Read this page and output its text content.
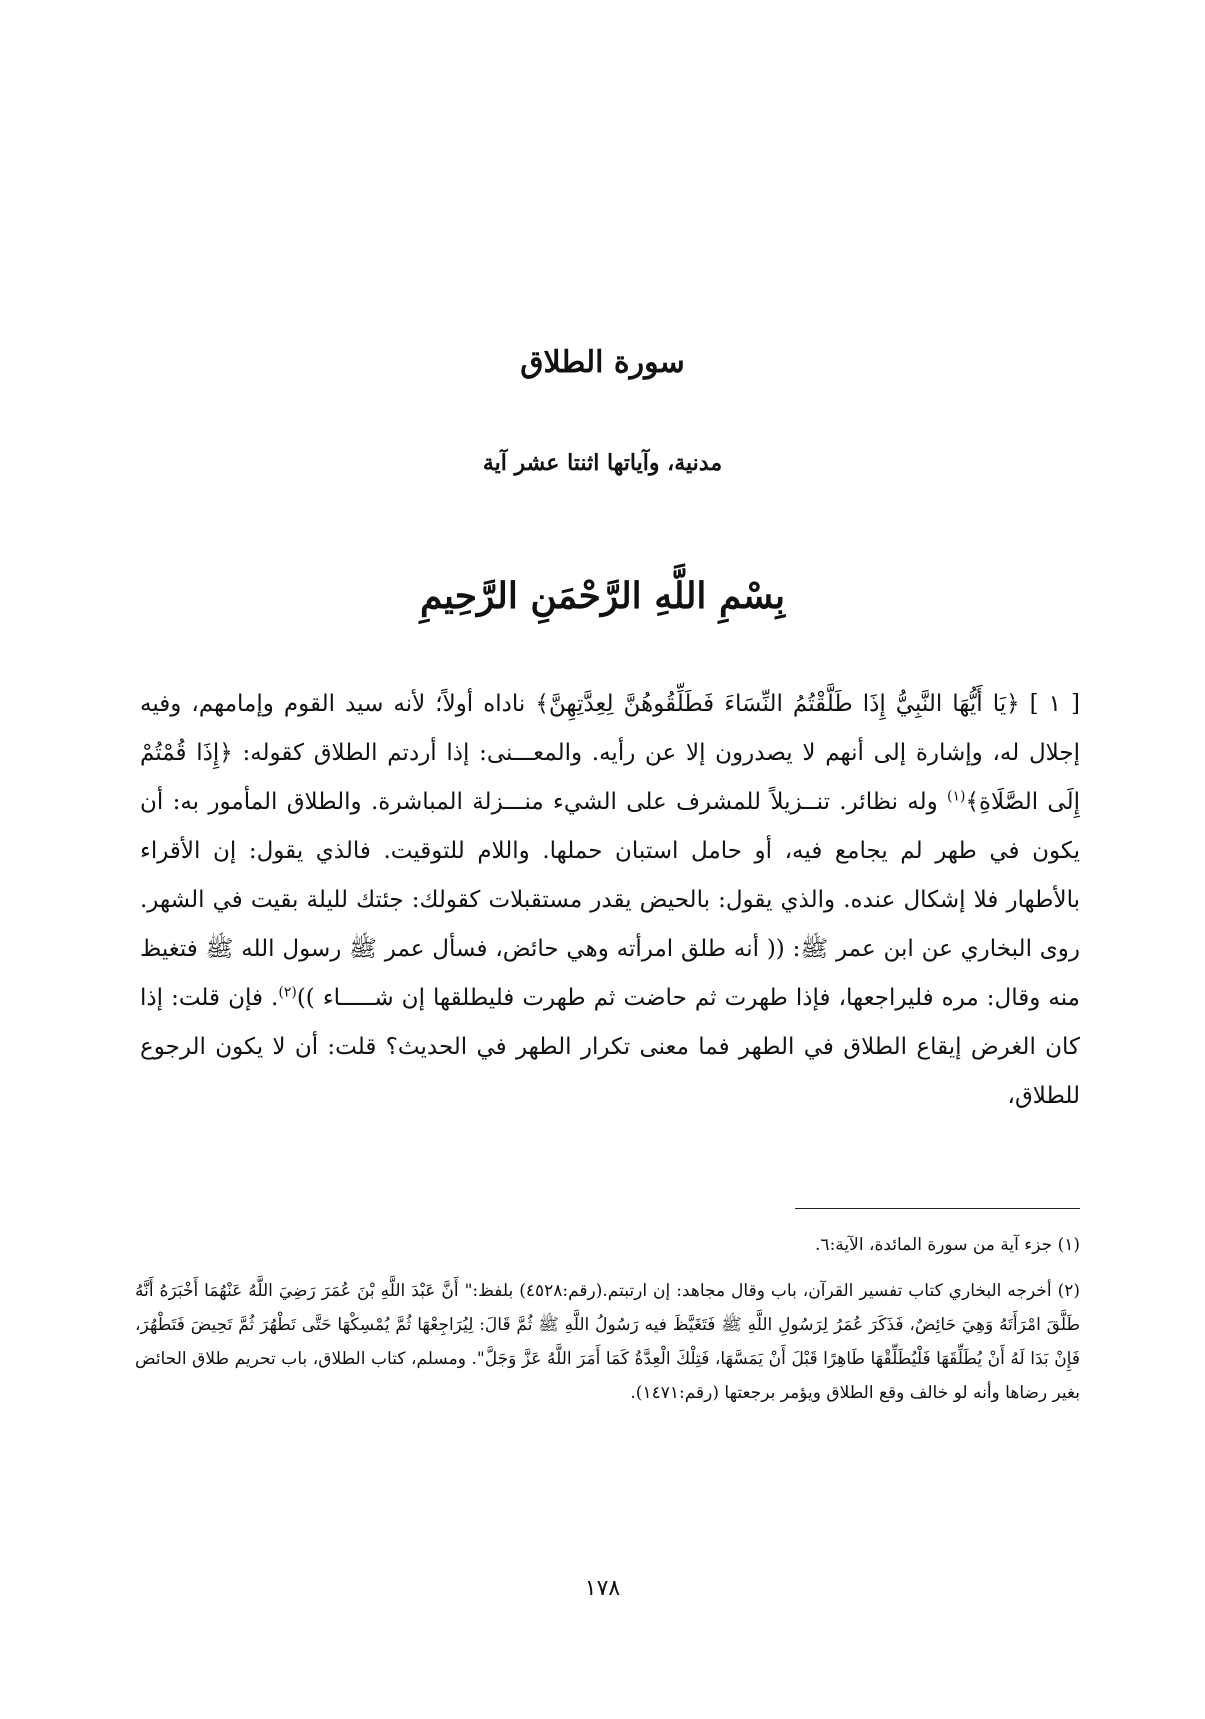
سورة الطلاق
مدنية، وآياتها اثنتا عشر آية
بِسْمِ اللَّهِ الرَّحْمَنِ الرَّحِيمِ

[ ١ ] ﴿يَا أَيُّهَا النَّبِيُّ إِذَا طَلَّقْتُمُ النِّسَاءَ فَطَلِّقُوهُنَّ لِعِدَّتِهِنَّ﴾ ناداه أولاً؛ لأنه سيد القوم وإمامهم، وفيه إجلال له، وإشارة إلى أنهم لا يصدرون إلا عن رأيه. والمعـــنى: إذا أردتم الطلاق كقوله: ﴿إِذَا قُمْتُمْ إِلَى الصَّلَاةِ﴾$^{(١)}$ وله نظائر. تنــزيلاً للمشرف على الشيء منـــزلة المباشرة. والطلاق المأمور به: أن يكون في طهر لم يجامع فيه، أو حامل استبان حملها. واللام للتوقيت. فالذي يقول: إن الأقراء بالأطهار فلا إشكال عنده. والذي يقول: بالحيض يقدر مستقبلات كقولك: جئتك لليلة بقيت في الشهر. روى البخاري عن ابن عمر ﷺ: (( أنه طلق امرأته وهي حائض، فسأل عمر ﷺ رسول الله ﷺ فتغيظ منه وقال: مره فليراجعها، فإذا طهرت ثم حاضت ثم طهرت فليطلقها إن شـــــاء ))$^{(٢)}$. فإن قلت: إذا كان الغرض إيقاع الطلاق في الطهر فما معنى تكرار الطهر في الحديث؟ قلت: أن لا يكون الرجوع للطلاق،

(١) جزء آية من سورة المائدة، الآية:٦.

(٢) أخرجه البخاري كتاب تفسير القرآن، باب وقال مجاهد: إن ارتبتم.(رقم:٤٥٢٨) بلفظ:" أَنَّ عَبْدَ اللَّهِ بْنَ عُمَرَ رَضِيَ اللَّهُ عَنْهُمَا أَخْبَرَهُ أَنَّهُ طَلَّقَ امْرَأَتَهُ وَهِيَ حَائِضٌ، فَذَكَرَ عُمَرُ لِرَسُولِ اللَّهِ ﷺ فَتَغَيَّظَ فيه رَسُولُ اللَّهِ ﷺ ثُمَّ قَالَ: لِيُرَاجِعْهَا ثُمَّ يُمْسِكْهَا حَتَّى تَطْهُرَ ثُمَّ تَحِيضَ فَتَطْهُرَ، فَإِنْ بَدَا لَهُ أَنْ يُطَلِّقَهَا فَلْيُطَلِّقْهَا طَاهِرًا قَبْلَ أَنْ يَمَسَّهَا، فَتِلْكَ الْعِدَّةُ كَمَا أَمَرَ اللَّهُ عَزَّ وَجَلَّ". ومسلم، كتاب الطلاق، باب تحريم طلاق الحائض بغير رضاها وأنه لو خالف وقع الطلاق ويؤمر برجعتها (رقم:١٤٧١).

١٧٨
